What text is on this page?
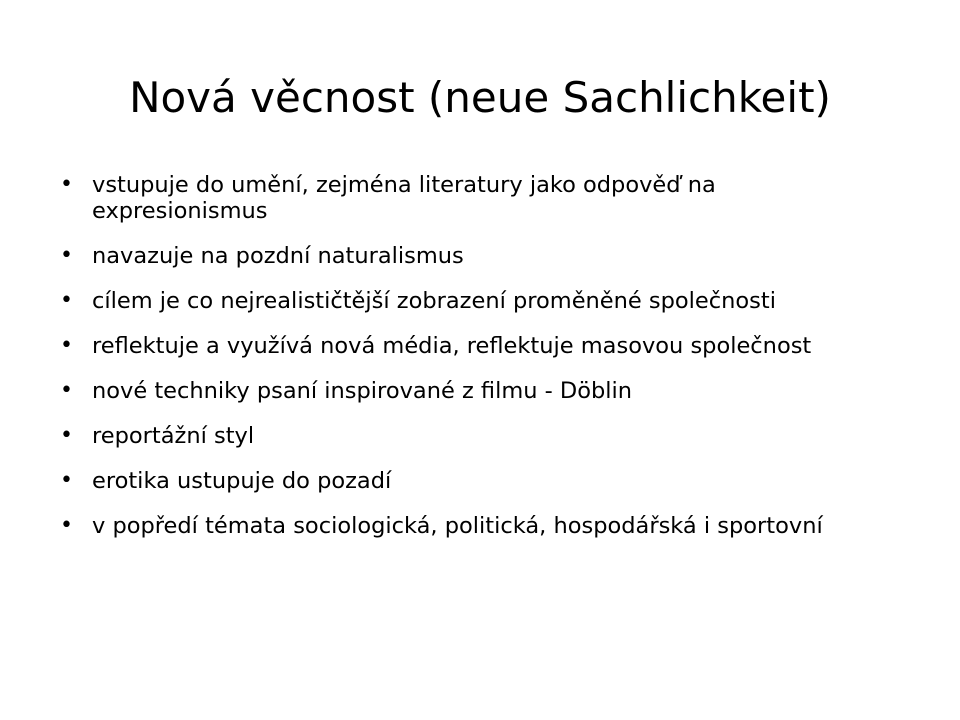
Nová věcnost (neue Sachlichkeit)
• vstupuje do umění, zejména literatury jako odpověď na expresionismus
• navazuje na pozdní naturalismus
• cílem je co nejrealističtější zobrazení proměněné společnosti
• reflektuje a využívá nová média, reflektuje masovou společnost
• nové techniky psaní inspirované z filmu - Döblin
• reportážní styl
• erotika ustupuje do pozadí
• v popředí témata sociologická, politická, hospodářská i sportovní
